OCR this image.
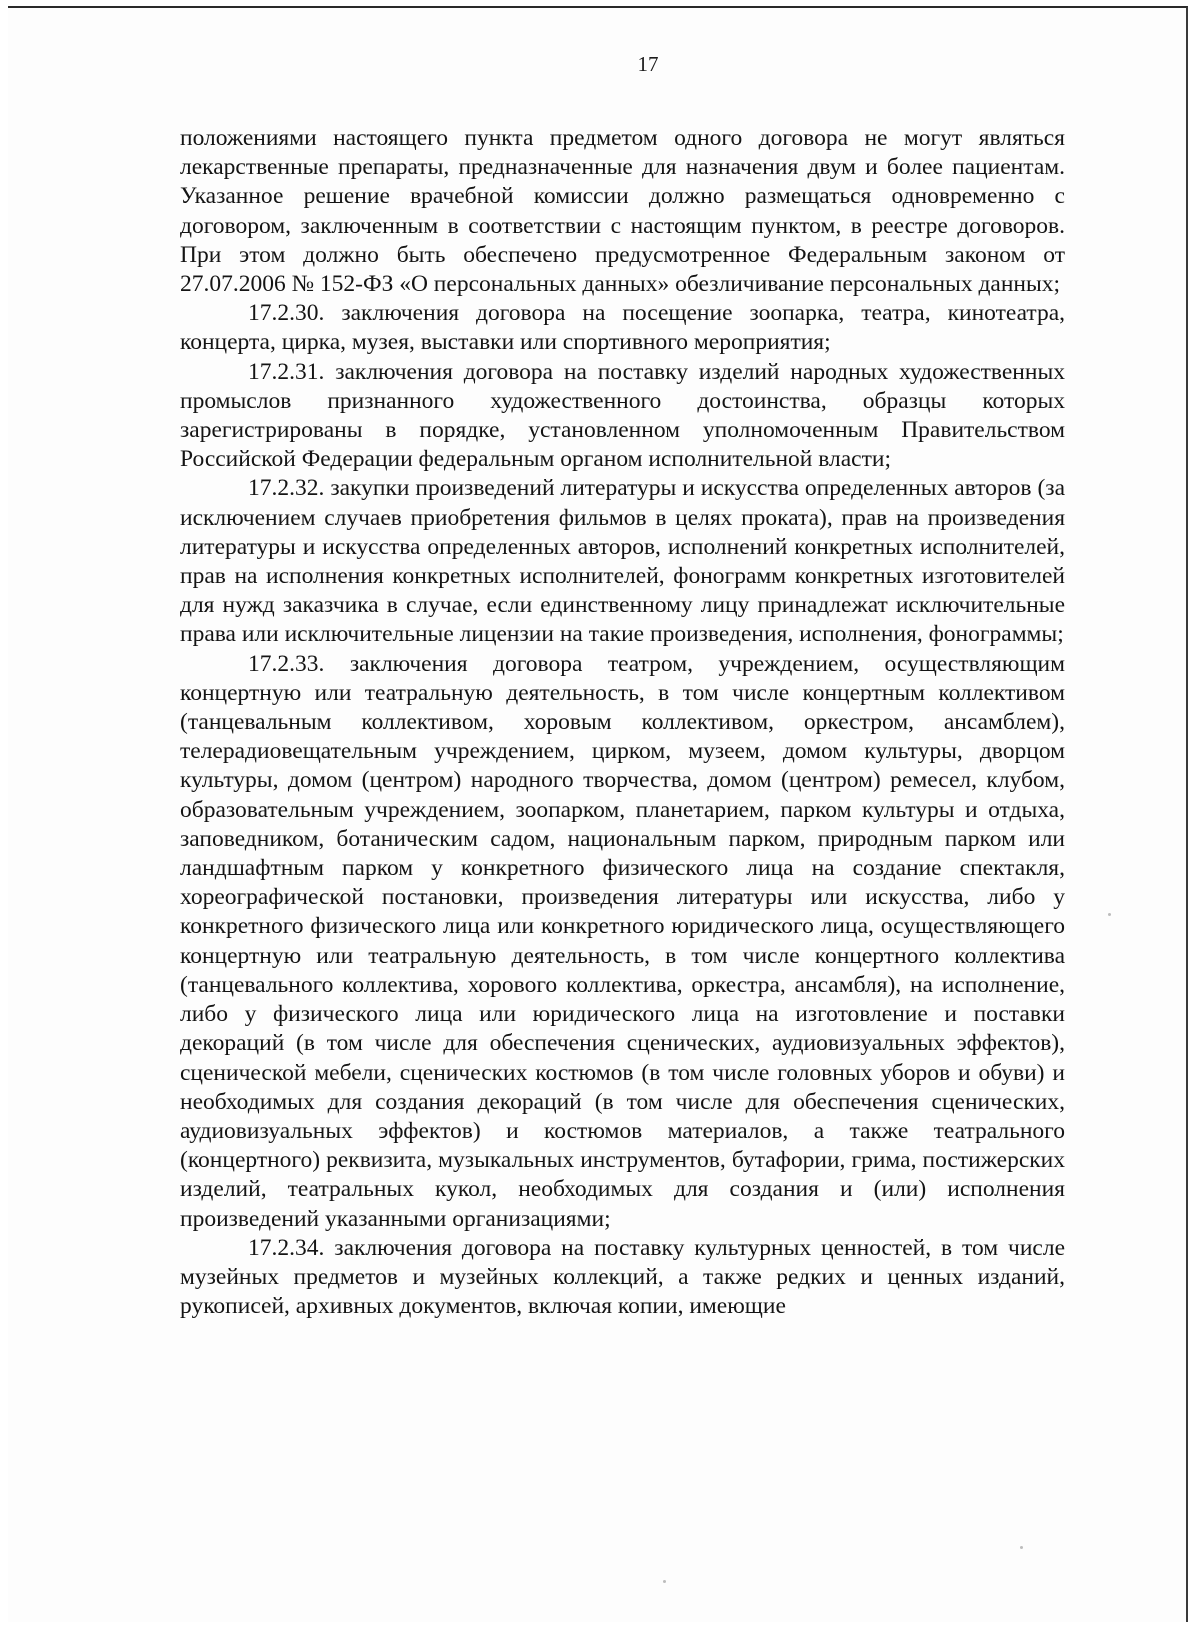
17

положениями настоящего пункта предметом одного договора не могут являться лекарственные препараты, предназначенные для назначения двум и более пациентам. Указанное решение врачебной комиссии должно размещаться одновременно с договором, заключенным в соответствии с настоящим пунктом, в реестре договоров. При этом должно быть обеспечено предусмотренное Федеральным законом от 27.07.2006 № 152-ФЗ «О персональных данных» обезличивание персональных данных;

17.2.30. заключения договора на посещение зоопарка, театра, кинотеатра, концерта, цирка, музея, выставки или спортивного мероприятия;

17.2.31. заключения договора на поставку изделий народных художественных промыслов признанного художественного достоинства, образцы которых зарегистрированы в порядке, установленном уполномоченным Правительством Российской Федерации федеральным органом исполнительной власти;

17.2.32. закупки произведений литературы и искусства определенных авторов (за исключением случаев приобретения фильмов в целях проката), прав на произведения литературы и искусства определенных авторов, исполнений конкретных исполнителей, прав на исполнения конкретных исполнителей, фонограмм конкретных изготовителей для нужд заказчика в случае, если единственному лицу принадлежат исключительные права или исключительные лицензии на такие произведения, исполнения, фонограммы;

17.2.33. заключения договора театром, учреждением, осуществляющим концертную или театральную деятельность, в том числе концертным коллективом (танцевальным коллективом, хоровым коллективом, оркестром, ансамблем), телерадиовещательным учреждением, цирком, музеем, домом культуры, дворцом культуры, домом (центром) народного творчества, домом (центром) ремесел, клубом, образовательным учреждением, зоопарком, планетарием, парком культуры и отдыха, заповедником, ботаническим садом, национальным парком, природным парком или ландшафтным парком у конкретного физического лица на создание спектакля, хореографической постановки, произведения литературы или искусства, либо у конкретного физического лица или конкретного юридического лица, осуществляющего концертную или театральную деятельность, в том числе концертного коллектива (танцевального коллектива, хорового коллектива, оркестра, ансамбля), на исполнение, либо у физического лица или юридического лица на изготовление и поставки декораций (в том числе для обеспечения сценических, аудиовизуальных эффектов), сценической мебели, сценических костюмов (в том числе головных уборов и обуви) и необходимых для создания декораций (в том числе для обеспечения сценических, аудиовизуальных эффектов) и костюмов материалов, а также театрального (концертного) реквизита, музыкальных инструментов, бутафории, грима, постижерских изделий, театральных кукол, необходимых для создания и (или) исполнения произведений указанными организациями;

17.2.34. заключения договора на поставку культурных ценностей, в том числе музейных предметов и музейных коллекций, а также редких и ценных изданий, рукописей, архивных документов, включая копии, имеющие
